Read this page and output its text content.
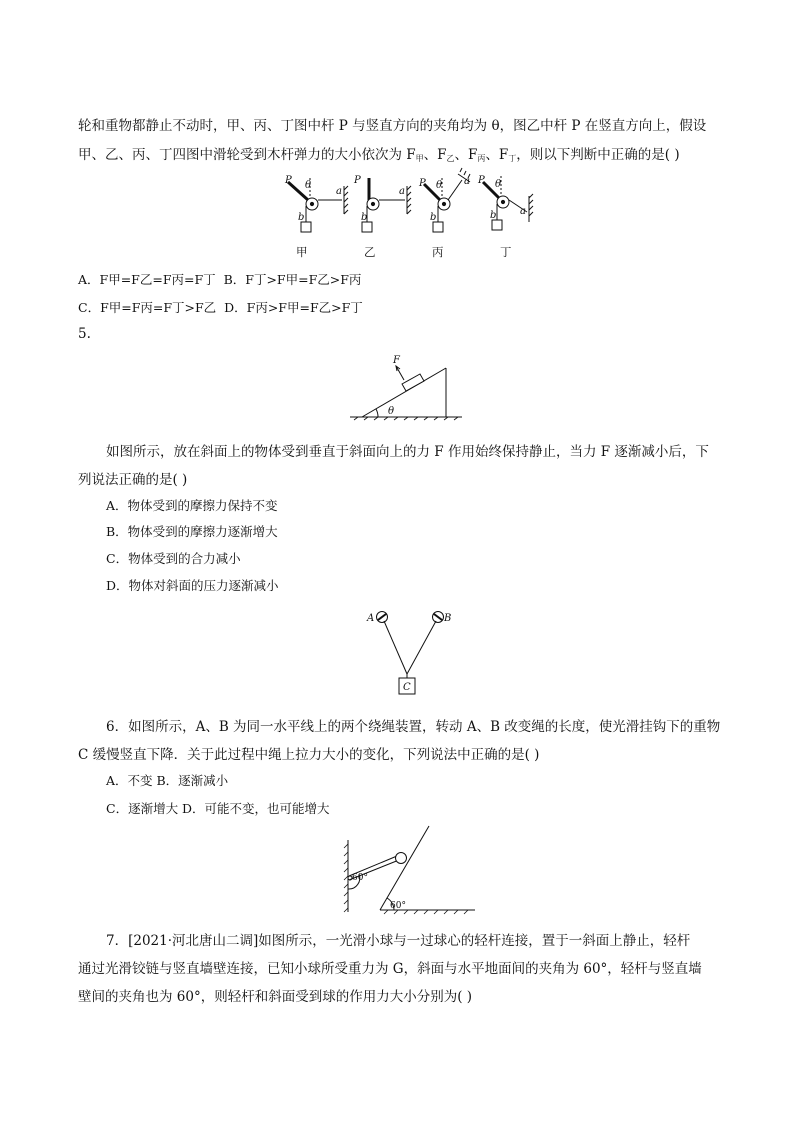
轮和重物都静止不动时，甲、丙、丁图中杆 P 与竖直方向的夹角均为 θ，图乙中杆 P 在竖直方向上，假设
甲、乙、丙、丁四图中滑轮受到木杆弹力的大小依次为 $F_甲$、$F_乙$、$F_丙$、$F_丁$，则以下判断中正确的是( )
P θ
a
b
P
a
b
P θ a
b
P θ
a
b
甲	乙	丙	丁
A．F甲=F乙=F丙=F丁 B．F丁>F甲=F乙>F丙
C．F甲=F丙=F丁>F乙 D．F丙>F甲=F乙>F丁
5.
F
θ
如图所示，放在斜面上的物体受到垂直于斜面向上的力 F 作用始终保持静止，当力 F 逐渐减小后，下
列说法正确的是( )
A．物体受到的摩擦力保持不变
B．物体受到的摩擦力逐渐增大
C．物体受到的合力减小
D．物体对斜面的压力逐渐减小
A	B
C
6．如图所示，A、B 为同一水平线上的两个绕绳装置，转动 A、B 改变绳的长度，使光滑挂钩下的重物
C 缓慢竖直下降．关于此过程中绳上拉力大小的变化，下列说法中正确的是( )
A．不变 B．逐渐减小
C．逐渐增大 D．可能不变，也可能增大
60°
60°
7．[2021·河北唐山二调]如图所示，一光滑小球与一过球心的轻杆连接，置于一斜面上静止，轻杆
通过光滑铰链与竖直墙壁连接，已知小球所受重力为 G，斜面与水平地面间的夹角为 60°，轻杆与竖直墙
壁间的夹角也为 60°，则轻杆和斜面受到球的作用力大小分别为( )
